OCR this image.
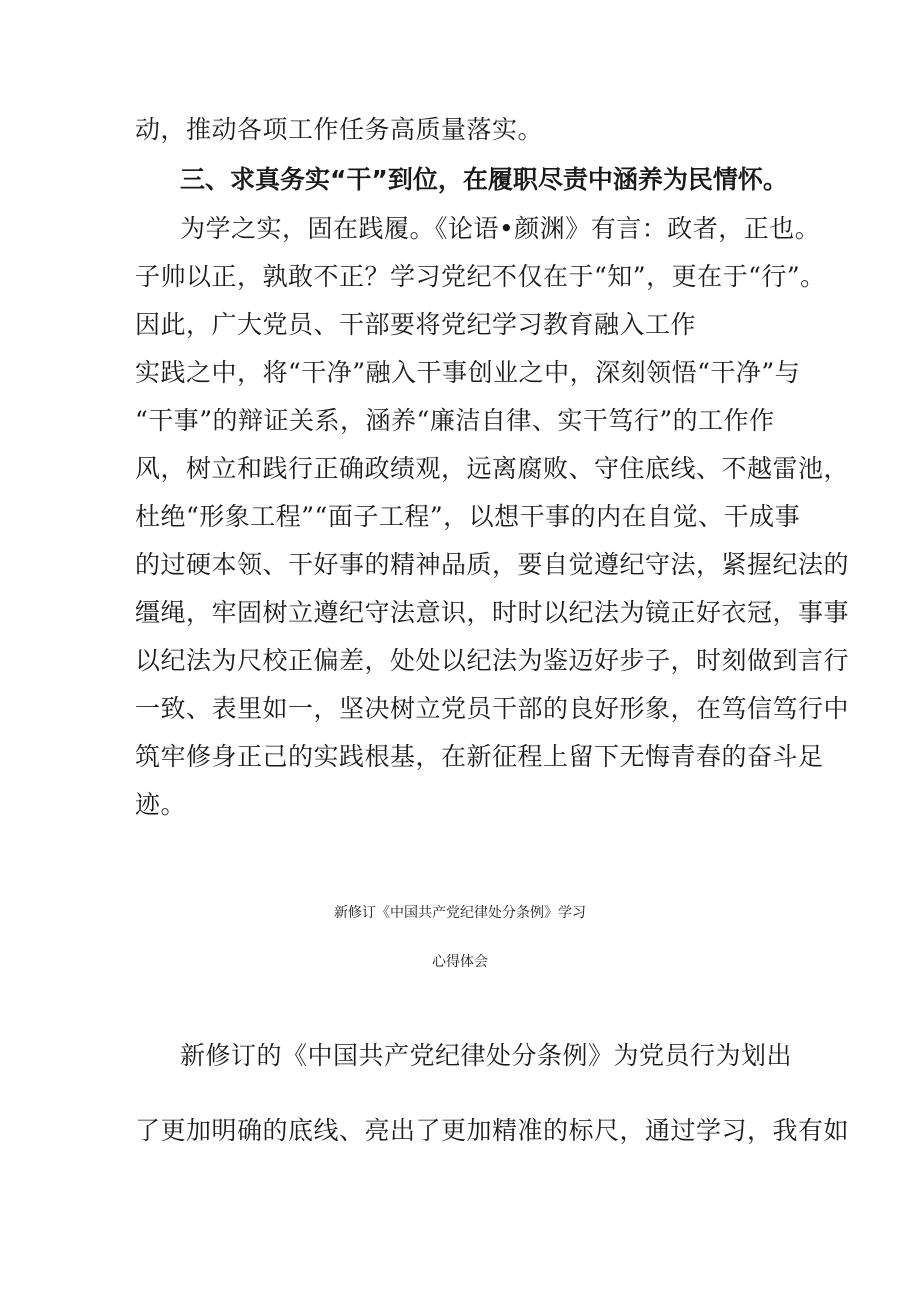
动，推动各项工作任务高质量落实。
三、求真务实“干”到位，在履职尽责中涵养为民情怀。
为学之实，固在践履。《论语•颜渊》有言：政者，正也。
子帅以正，孰敢不正？学习党纪不仅在于“知”，更在于“行”。
因此，广大党员、干部要将党纪学习教育融入工作
实践之中，将“干净”融入干事创业之中，深刻领悟“干净”与
“干事”的辩证关系，涵养“廉洁自律、实干笃行”的工作作
风，树立和践行正确政绩观，远离腐败、守住底线、不越雷池，
杜绝“形象工程”“面子工程”，以想干事的内在自觉、干成事
的过硬本领、干好事的精神品质，要自觉遵纪守法，紧握纪法的
缰绳，牢固树立遵纪守法意识，时时以纪法为镜正好衣冠，事事
以纪法为尺校正偏差，处处以纪法为鉴迈好步子，时刻做到言行
一致、表里如一，坚决树立党员干部的良好形象，在笃信笃行中
筑牢修身正己的实践根基，在新征程上留下无悔青春的奋斗足
迹。
新修订《中国共产党纪律处分条例》学习
心得体会
新修订的《中国共产党纪律处分条例》为党员行为划出
了更加明确的底线、亮出了更加精准的标尺，通过学习，我有如
